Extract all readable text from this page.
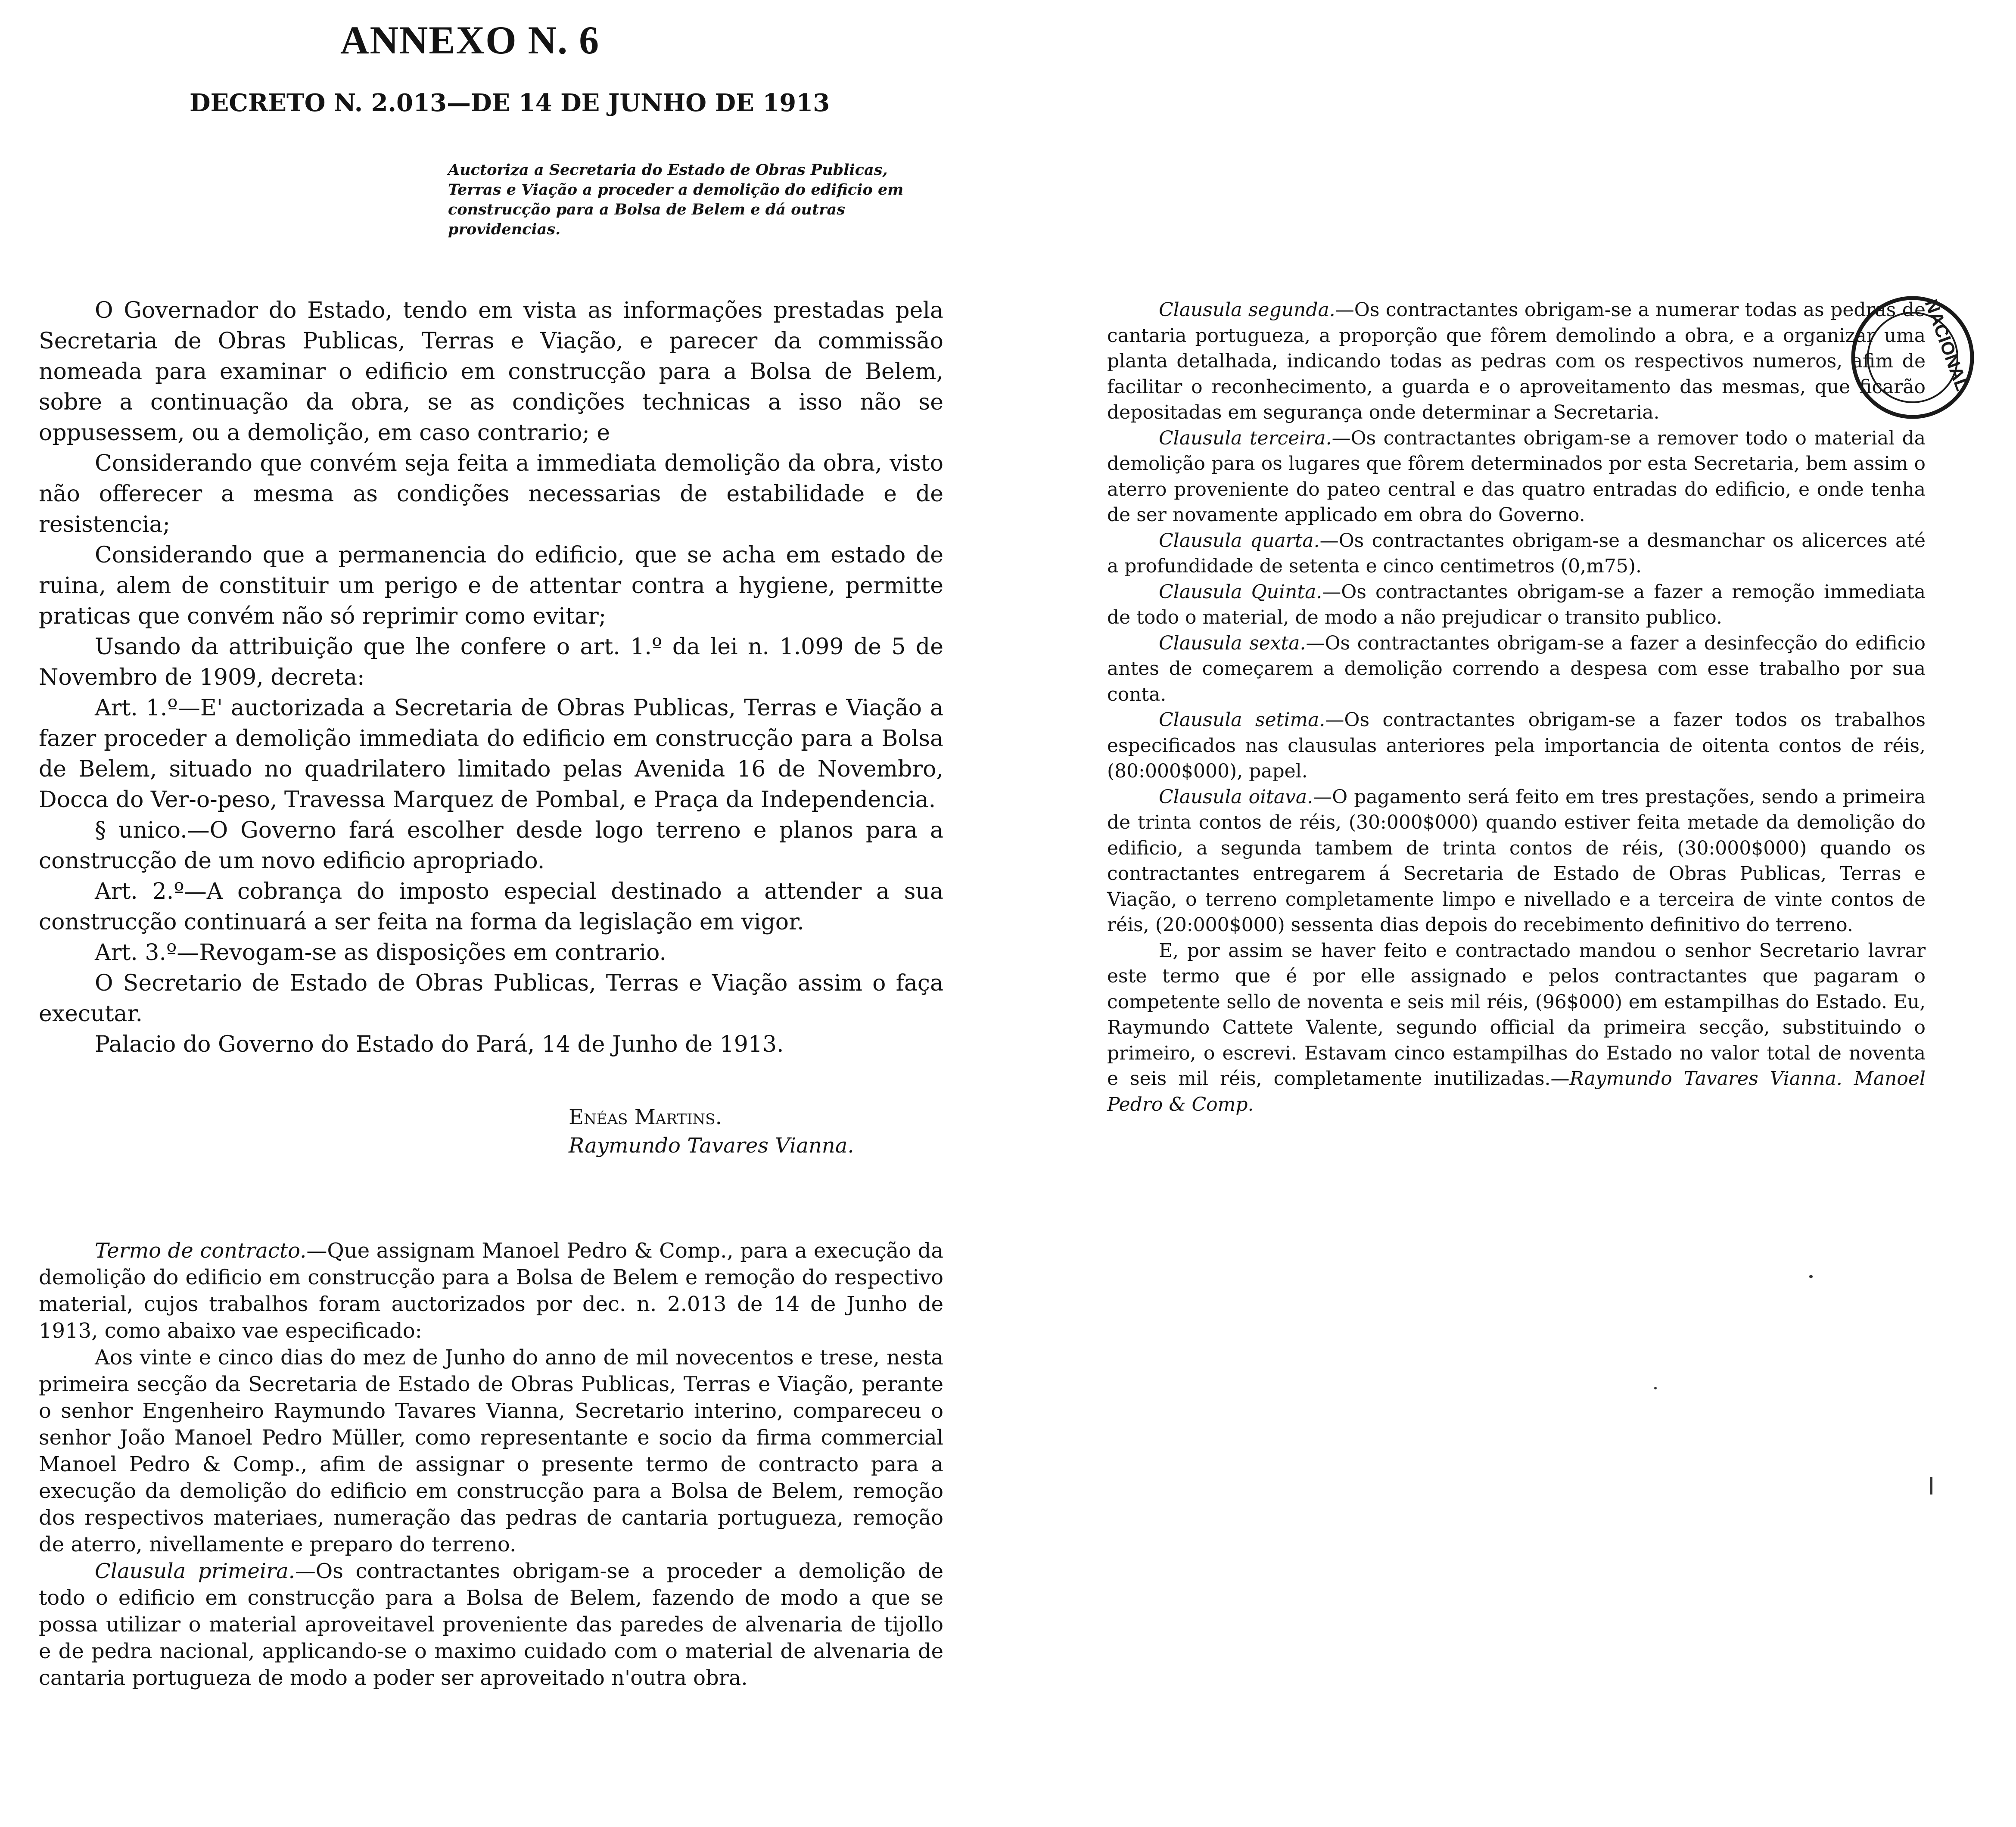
ANNEXO N. 6
DECRETO N. 2.013—DE 14 DE JUNHO DE 1913
Auctoriza a Secretaria do Estado de Obras Publicas, Terras e Viação a proceder a demolição do edificio em construcção para a Bolsa de Belem e dá outras providencias.

O Governador do Estado, tendo em vista as informações prestadas pela Secretaria de Obras Publicas, Terras e Viação, e parecer da commissão nomeada para examinar o edificio em construcção para a Bolsa de Belem, sobre a continuação da obra, se as condições technicas a isso não se oppusessem, ou a demolição, em caso contrario; e

Considerando que convém seja feita a immediata demolição da obra, visto não offerecer a mesma as condições necessarias de estabilidade e de resistencia;

Considerando que a permanencia do edificio, que se acha em estado de ruina, alem de constituir um perigo e de attentar contra a hygiene, permitte praticas que convém não só reprimir como evitar;

Usando da attribuição que lhe confere o art. 1.º da lei n. 1.099 de 5 de Novembro de 1909, decreta:

Art. 1.º—E' auctorizada a Secretaria de Obras Publicas, Terras e Viação a fazer proceder a demolição immediata do edificio em construcção para a Bolsa de Belem, situado no quadrilatero limitado pelas Avenida 16 de Novembro, Docca do Ver-o-peso, Travessa Marquez de Pombal, e Praça da Independencia.

§ unico.—O Governo fará escolher desde logo terreno e planos para a construcção de um novo edificio apropriado.

Art. 2.º—A cobrança do imposto especial destinado a attender a sua construcção continuará a ser feita na forma da legislação em vigor.

Art. 3.º—Revogam-se as disposições em contrario.

O Secretario de Estado de Obras Publicas, Terras e Viação assim o faça executar.

Palacio do Governo do Estado do Pará, 14 de Junho de 1913.

Enéas Martins.
Raymundo Tavares Vianna.

Termo de contracto.—Que assignam Manoel Pedro & Comp., para a execução da demolição do edificio em construcção para a Bolsa de Belem e remoção do respectivo material, cujos trabalhos foram auctorizados por dec. n. 2.013 de 14 de Junho de 1913, como abaixo vae especificado:

Aos vinte e cinco dias do mez de Junho do anno de mil novecentos e trese, nesta primeira secção da Secretaria de Estado de Obras Publicas, Terras e Viação, perante o senhor Engenheiro Raymundo Tavares Vianna, Secretario interino, compareceu o senhor João Manoel Pedro Müller, como representante e socio da firma commercial Manoel Pedro & Comp., afim de assignar o presente termo de contracto para a execução da demolição do edificio em construcção para a Bolsa de Belem, remoção dos respectivos materiaes, numeração das pedras de cantaria portugueza, remoção de aterro, nivellamente e preparo do terreno.

Clausula primeira.—Os contractantes obrigam-se a proceder a demolição de todo o edificio em construcção para a Bolsa de Belem, fazendo de modo a que se possa utilizar o material aproveitavel proveniente das paredes de alvenaria de tijollo e de pedra nacional, applicando-se o maximo cuidado com o material de alvenaria de cantaria portugueza de modo a poder ser aproveitado n'outra obra.

Clausula segunda.—Os contractantes obrigam-se a numerar todas as pedras de cantaria portugueza, a proporção que fôrem demolindo a obra, e a organizar uma planta detalhada, indicando todas as pedras com os respectivos numeros, afim de facilitar o reconhecimento, a guarda e o aproveitamento das mesmas, que ficarão depositadas em segurança onde determinar a Secretaria.

Clausula terceira.—Os contractantes obrigam-se a remover todo o material da demolição para os lugares que fôrem determinados por esta Secretaria, bem assim o aterro proveniente do pateo central e das quatro entradas do edificio, e onde tenha de ser novamente applicado em obra do Governo.

Clausula quarta.—Os contractantes obrigam-se a desmanchar os alicerces até a profundidade de setenta e cinco centimetros (0,m75).

Clausula Quinta.—Os contractantes obrigam-se a fazer a remoção immediata de todo o material, de modo a não prejudicar o transito publico.

Clausula sexta.—Os contractantes obrigam-se a fazer a desinfecção do edificio antes de começarem a demolição correndo a despesa com esse trabalho por sua conta.

Clausula setima.—Os contractantes obrigam-se a fazer todos os trabalhos especificados nas clausulas anteriores pela importancia de oitenta contos de réis, (80:000$000), papel.

Clausula oitava.—O pagamento será feito em tres prestações, sendo a primeira de trinta contos de réis, (30:000$000) quando estiver feita metade da demolição do edificio, a segunda tambem de trinta contos de réis, (30:000$000) quando os contractantes entregarem á Secretaria de Estado de Obras Publicas, Terras e Viação, o terreno completamente limpo e nivellado e a terceira de vinte contos de réis, (20:000$000) sessenta dias depois do recebimento definitivo do terreno.

E, por assim se haver feito e contractado mandou o senhor Secretario lavrar este termo que é por elle assignado e pelos contractantes que pagaram o competente sello de noventa e seis mil réis, (96$000) em estampilhas do Estado. Eu, Raymundo Cattete Valente, segundo official da primeira secção, substituindo o primeiro, o escrevi. Estavam cinco estampilhas do Estado no valor total de noventa e seis mil réis, completamente inutilizadas.—Raymundo Tavares Vianna. Manoel Pedro & Comp.

NACIONAL
